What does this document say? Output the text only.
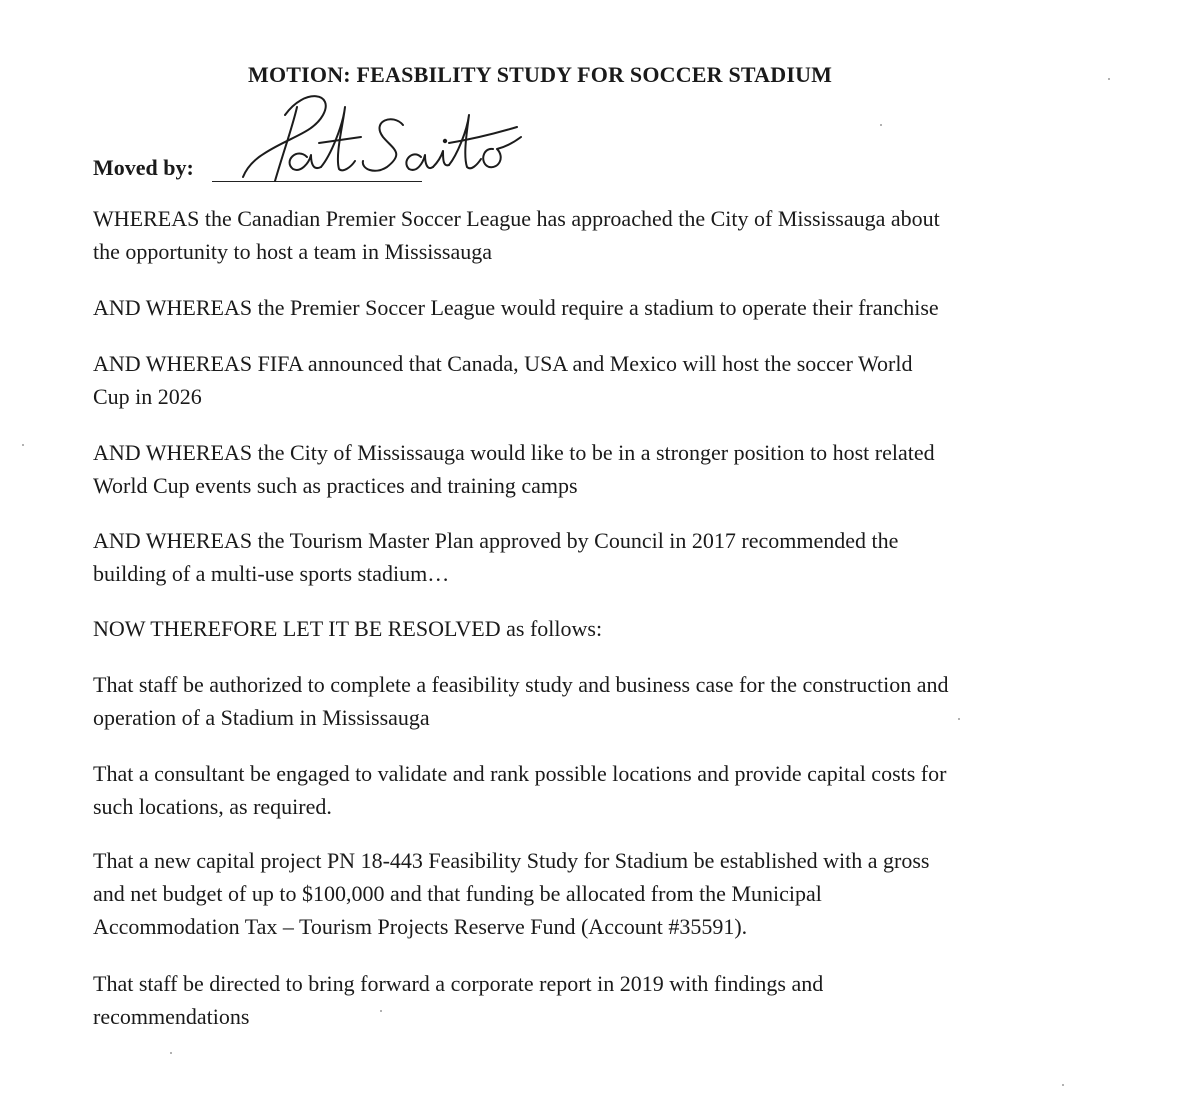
MOTION: FEASBILITY STUDY FOR SOCCER STADIUM
Moved by:
WHEREAS the Canadian Premier Soccer League has approached the City of Mississauga about
the opportunity to host a team in Mississauga
AND WHEREAS the Premier Soccer League would require a stadium to operate their franchise
AND WHEREAS FIFA announced that Canada, USA and Mexico will host the soccer World
Cup in 2026
AND WHEREAS the City of Mississauga would like to be in a stronger position to host related
World Cup events such as practices and training camps
AND WHEREAS the Tourism Master Plan approved by Council in 2017 recommended the
building of a multi-use sports stadium…
NOW THEREFORE LET IT BE RESOLVED as follows:
That staff be authorized to complete a feasibility study and business case for the construction and
operation of a Stadium in Mississauga
That a consultant be engaged to validate and rank possible locations and provide capital costs for
such locations, as required.
That a new capital project PN 18-443 Feasibility Study for Stadium be established with a gross
and net budget of up to $100,000 and that funding be allocated from the Municipal
Accommodation Tax – Tourism Projects Reserve Fund (Account #35591).
That staff be directed to bring forward a corporate report in 2019 with findings and
recommendations
